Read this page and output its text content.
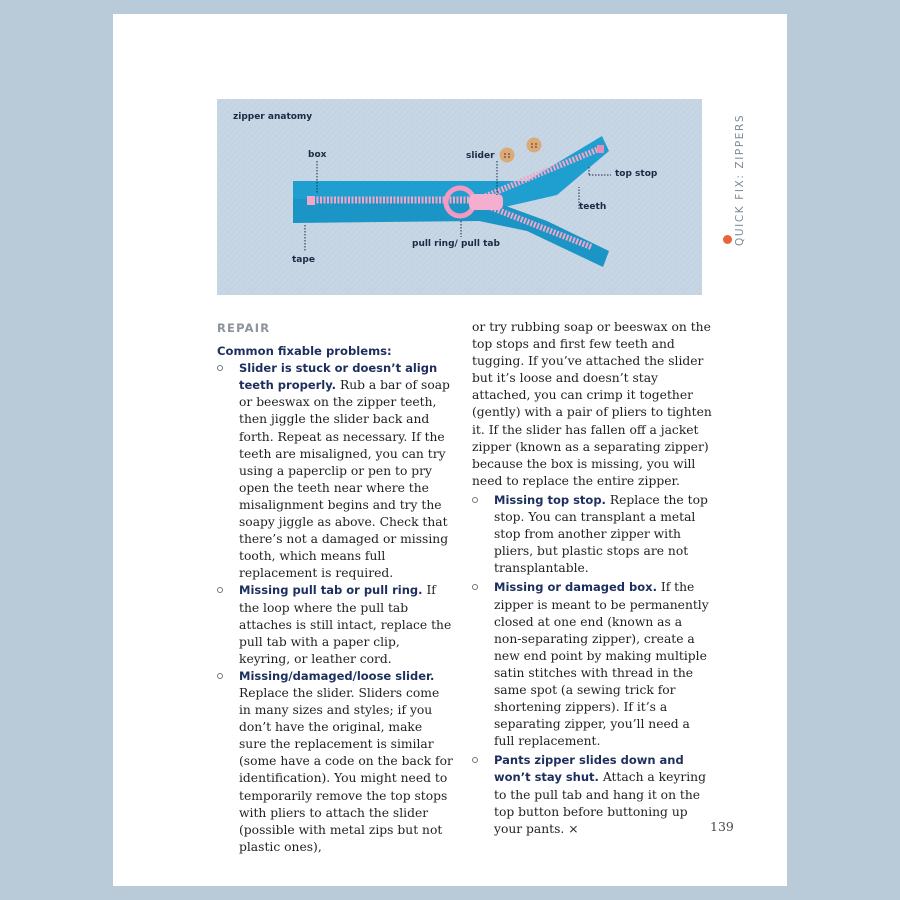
zipper anatomy
box	slider
top stop
teeth
pull ring/ pull tab
tape
QUICK FIX: ZIPPERS

REPAIR

Common fixable problems:

Slider is stuck or doesn’t align teeth properly. Rub a bar of soap or beeswax on the zipper teeth, then jiggle the slider back and forth. Repeat as necessary. If the teeth are misaligned, you can try using a paperclip or pen to pry open the teeth near where the misalignment begins and try the soapy jiggle as above. Check that there’s not a damaged or missing tooth, which means full replacement is required.

Missing pull tab or pull ring. If the loop where the pull tab attaches is still intact, replace the pull tab with a paper clip, keyring, or leather cord.

Missing/damaged/loose slider. Replace the slider. Sliders come in many sizes and styles; if you don’t have the original, make sure the replacement is similar (some have a code on the back for identification). You might need to temporarily remove the top stops with pliers to attach the slider (possible with metal zips but not plastic ones),

or try rubbing soap or beeswax on the top stops and first few teeth and tugging. If you’ve attached the slider but it’s loose and doesn’t stay attached, you can crimp it together (gently) with a pair of pliers to tighten it. If the slider has fallen off a jacket zipper (known as a separating zipper) because the box is missing, you will need to replace the entire zipper.

Missing top stop. Replace the top stop. You can transplant a metal stop from another zipper with pliers, but plastic stops are not transplantable.

Missing or damaged box. If the zipper is meant to be permanently closed at one end (known as a non-separating zipper), create a new end point by making multiple satin stitches with thread in the same spot (a sewing trick for shortening zippers). If it’s a separating zipper, you’ll need a full replacement.

Pants zipper slides down and won’t stay shut. Attach a keyring to the pull tab and hang it on the top button before buttoning up your pants. ×	139
